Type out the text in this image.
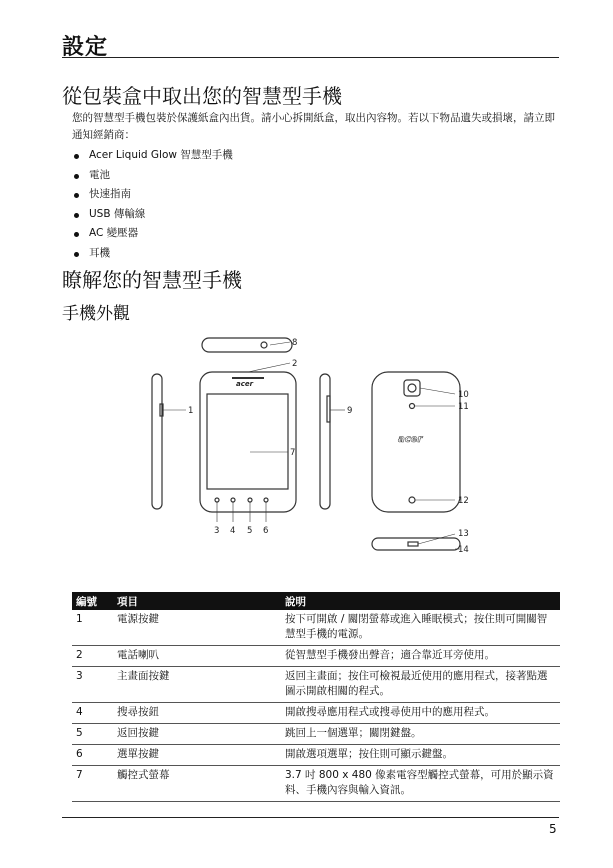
設定
從包裝盒中取出您的智慧型手機
您的智慧型手機包裝於保護紙盒內出貨。請小心拆開紙盒，取出內容物。若以下物品遺失或損壞，請立即通知經銷商：
Acer Liquid Glow 智慧型手機
電池
快速指南
USB 傳輸線
AC 變壓器
耳機
瞭解您的智慧型手機
手機外觀
acer
acer
1
2
3 4 5 6
7
8
9
10
11
12
13
14
編號	項目	說明
1	電源按鍵	按下可開啟 / 關閉螢幕或進入睡眠模式；按住則可開關智 慧型手機的電源。
2	電話喇叭	從智慧型手機發出聲音；適合靠近耳旁使用。
3	主畫面按鍵	返回主畫面；按住可檢視最近使用的應用程式，接著點選圖示開啟相關的程式。
4	搜尋按鈕	開啟搜尋應用程式或搜尋使用中的應用程式。
5	返回按鍵	跳回上一個選單；關閉鍵盤。
6	選單按鍵	開啟選項選單；按住則可顯示鍵盤。
7	觸控式螢幕	3.7 吋 800 x 480 像素電容型觸控式螢幕，可用於顯示資 料、手機內容與輸入資訊。
5
